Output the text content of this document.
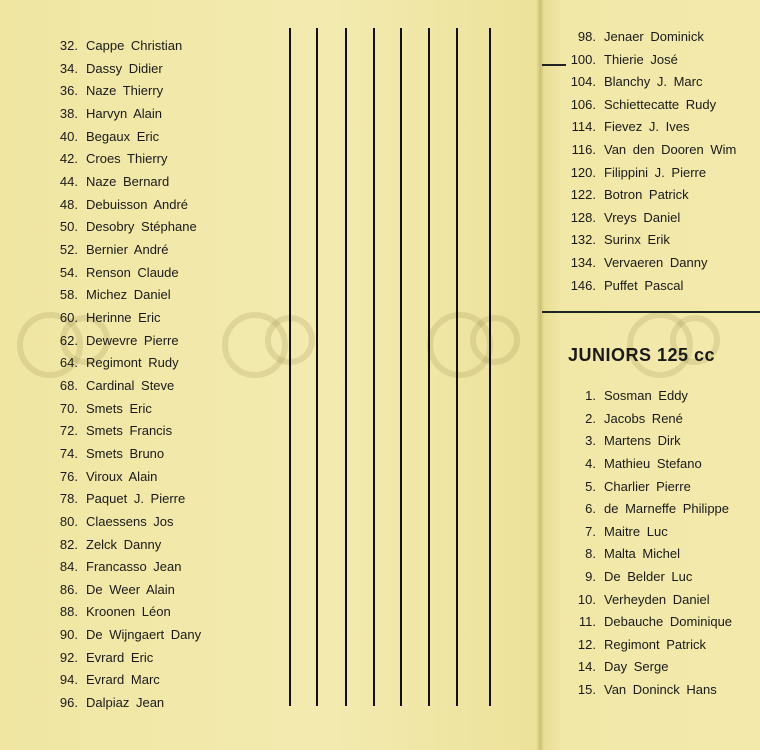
32. Cappe Christian
34. Dassy Didier
36. Naze Thierry
38. Harvyn Alain
40. Begaux Eric
42. Croes Thierry
44. Naze Bernard
48. Debuisson André
50. Desobry Stéphane
52. Bernier André
54. Renson Claude
58. Michez Daniel
60. Herinne Eric
62. Dewevre Pierre
64. Regimont Rudy
68. Cardinal Steve
70. Smets Eric
72. Smets Francis
74. Smets Bruno
76. Viroux Alain
78. Paquet J. Pierre
80. Claessens Jos
82. Zelck Danny
84. Francasso Jean
86. De Weer Alain
88. Kroonen Léon
90. De Wijngaert Dany
92. Evrard Eric
94. Evrard Marc
96. Dalpiaz Jean
98. Jenaer Dominick
100. Thierie José
104. Blanchy J. Marc
106. Schiettecatte Rudy
114. Fievez J. Ives
116. Van den Dooren Wim
120. Filippini J. Pierre
122. Botron Patrick
128. Vreys Daniel
132. Surinx Erik
134. Vervaeren Danny
146. Puffet Pascal
JUNIORS 125 cc
1. Sosman Eddy
2. Jacobs René
3. Martens Dirk
4. Mathieu Stefano
5. Charlier Pierre
6. de Marneffe Philippe
7. Maitre Luc
8. Malta Michel
9. De Belder Luc
10. Verheyden Daniel
11. Debauche Dominique
12. Regimont Patrick
14. Day Serge
15. Van Doninck Hans
